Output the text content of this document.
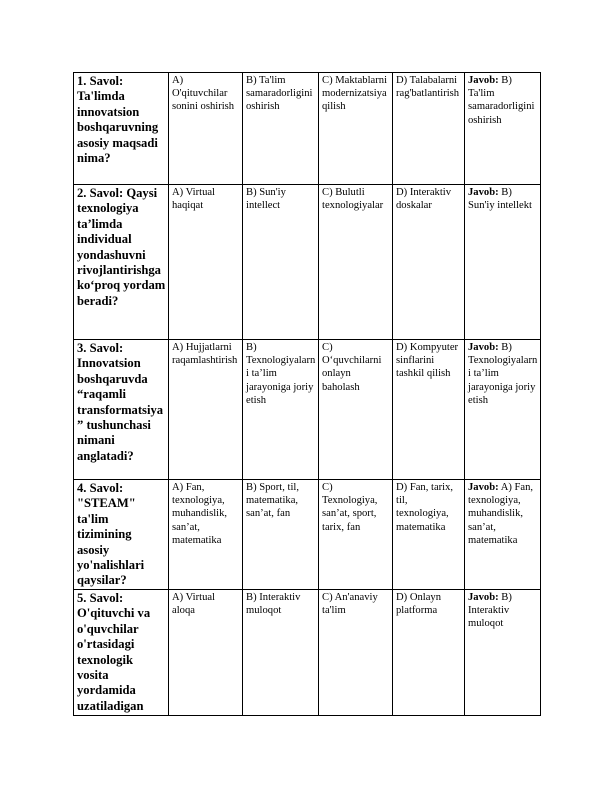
1. Savol: Ta'limda innovatsion boshqaruvning asosiy maqsadi nima?	A) O'qituvchilar sonini oshirish	B) Ta'lim samaradorligini oshirish	C) Maktablarni modernizatsiya qilish	D) Talabalarni rag'batlantirish	Javob: B) Ta'lim samaradorligini oshirish
2. Savol: Qaysi texnologiya ta’limda individual yondashuvni rivojlantirishga ko‘proq yordam beradi?	A) Virtual haqiqat	B) Sun'iy intellect	C) Bulutli texnologiyalar	D) Interaktiv doskalar	Javob: B) Sun'iy intellekt
3. Savol: Innovatsion boshqaruvda “raqamli transformatsiya” tushunchasi nimani anglatadi?	A) Hujjatlarni raqamlashtirish	B) Texnologiyalarni ta’lim jarayoniga joriy etish	C) O‘quvchilarni onlayn baholash	D) Kompyuter sinflarini tashkil qilish	Javob: B) Texnologiyalarni ta’lim jarayoniga joriy etish
4. Savol: "STEAM" ta'lim tizimining asosiy yo'nalishlari qaysilar?	A) Fan, texnologiya, muhandislik, san’at, matematika	B) Sport, til, matematika, san’at, fan	C) Texnologiya, san’at, sport, tarix, fan	D) Fan, tarix, til, texnologiya, matematika	Javob: A) Fan, texnologiya, muhandislik, san’at, matematika
5. Savol: O'qituvchi va o'quvchilar o'rtasidagi texnologik vosita yordamida uzatiladigan	A) Virtual aloqa	B) Interaktiv muloqot	C) An'anaviy ta'lim	D) Onlayn platforma	Javob: B) Interaktiv muloqot
